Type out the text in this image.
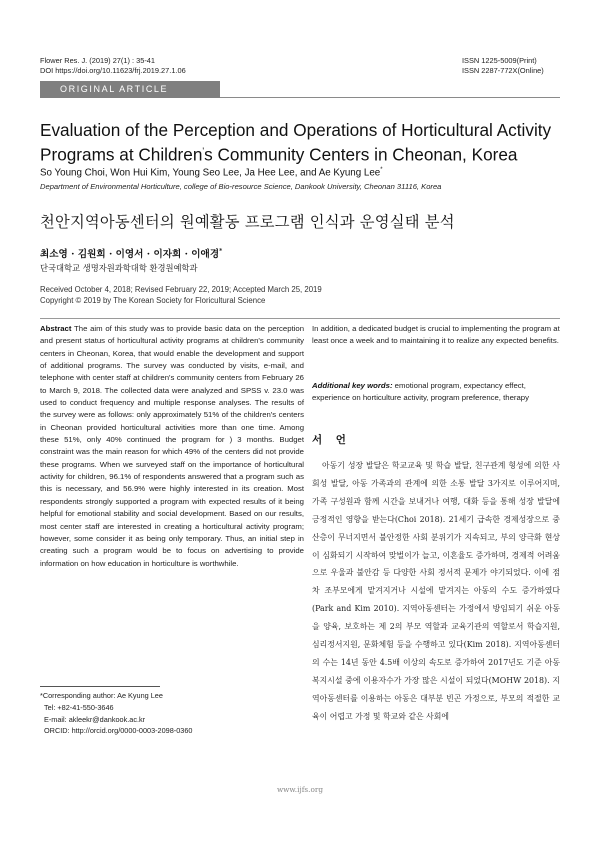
Flower Res. J. (2019) 27(1) : 35-41
DOI https://doi.org/10.11623/frj.2019.27.1.06
ISSN 1225-5009(Print)
ISSN 2287-772X(Online)
ORIGINAL ARTICLE
Evaluation of the Perception and Operations of Horticultural Activity
Programs at Children's Community Centers in Cheonan, Korea
So Young Choi, Won Hui Kim, Young Seo Lee, Ja Hee Lee, and Ae Kyung Lee*
Department of Environmental Horticulture, college of Bio-resource Science, Dankook University, Cheonan 31116, Korea
천안지역아동센터의 원예활동 프로그램 인식과 운영실태 분석
최소영 · 김원희 · 이영서 · 이자희 · 이애경*
단국대학교 생명자원과학대학 환경원예학과
Received October 4, 2018; Revised February 22, 2019; Accepted March 25, 2019
Copyright © 2019 by The Korean Society for Floricultural Science
Abstract The aim of this study was to provide basic data on the perception and present status of horticultural activity programs at children's community centers in Cheonan, Korea, that would enable the development and support of additional programs. The survey was conducted by visits, e-mail, and telephone with center staff at children's community centers from February 26 to March 9, 2018. The collected data were analyzed and SPSS v. 23.0 was used to conduct frequency and multiple response analyses. The results of the survey were as follows: only approximately 51% of the children's centers in Cheonan provided horticultural activities more than one time. Among these 51%, only 40% continued the program for ) 3 months. Budget constraint was the main reason for which 49% of the centers did not provide these programs. When we surveyed staff on the importance of horticultural activity for children, 96.1% of respondents answered that a program such as this is necessary, and 56.9% were highly interested in its creation. Most respondents strongly supported a program with expected results of it being helpful for emotional stability and social development. Based on our results, most center staff are interested in creating a horticultural activity program; however, some consider it as being only temporary. Thus, an initial step in creating such a program would be to focus on advertising to provide information on how education in horticulture is worthwhile.
In addition, a dedicated budget is crucial to implementing the program at least once a week and to maintaining it to realize any expected benefits.
Additional key words: emotional program, expectancy effect, experience on horticulture activity, program preference, therapy
서 언
아동기 성장 발달은 학교교육 및 학습 발달, 친구관계 형성에 의한 사회성 발달, 아동 가족과의 관계에 의한 소통 발달 3가지로 이루어지며, 가족 구성원과 함께 시간을 보내거나 여행, 대화 등을 통해 성장 발달에 긍정적인 영향을 받는다(Choi 2018). 21세기 급속한 경제성장으로 중산층이 무너지면서 불안정한 사회 분위기가 지속되고, 부의 양극화 현상이 심화되기 시작하여 맞벌이가 늘고, 이혼율도 증가하며, 경제적 어려움으로 우울과 불안감 등 다양한 사회 정서적 문제가 야기되었다. 이에 점차 조부모에게 맡겨지거나 시설에 맡겨지는 아동의 수도 증가하였다(Park and Kim 2010). 지역아동센터는 가정에서 방임되기 쉬운 아동을 양육, 보호하는 제 2의 부모 역할과 교육기관의 역할로서 학습지원, 심리정서지원, 문화체험 등을 수행하고 있다(Kim 2018). 지역아동센터의 수는 14년 동안 4.5배 이상의 속도로 증가하여 2017년도 기준 아동복지시설 중에 이용자수가 가장 많은 시설이 되었다(MOHW 2018). 지역아동센터를 이용하는 아동은 대부분 빈곤 가정으로, 부모의 적절한 교육이 어렵고 가정 및 학교와 같은 사회에
*Corresponding author: Ae Kyung Lee
Tel: +82-41-550-3646
E-mail: akleekr@dankook.ac.kr
ORCID: http://orcid.org/0000-0003-2098-0360
www.ijfs.org
